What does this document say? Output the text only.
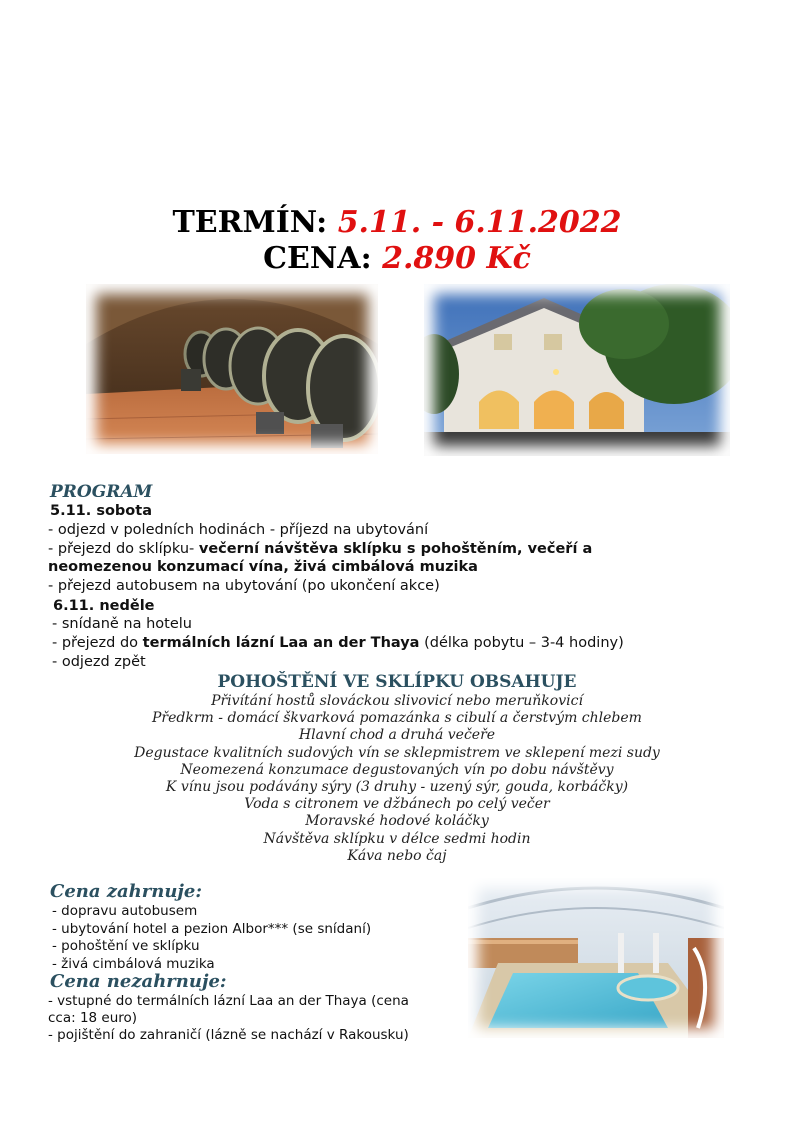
TERMÍN: 5.11. - 6.11.2022
CENA: 2.890 Kč
PROGRAM
5.11. sobota
- odjezd v poledních hodinách - příjezd na ubytování
- přejezd do sklípku- večerní návštěva sklípku s pohoštěním, večeří a
neomezenou konzumací vína, živá cimbálová muzika
- přejezd autobusem na ubytování (po ukončení akce)
6.11. neděle
- snídaně na hotelu
- přejezd do termálních lázní Laa an der Thaya (délka pobytu – 3-4 hodiny)
- odjezd zpět
POHOŠTĚNÍ VE SKLÍPKU OBSAHUJE
Přivítání hostů slováckou slivovicí nebo meruňkovicí
Předkrm - domácí škvarková pomazánka s cibulí a čerstvým chlebem
Hlavní chod a druhá večeře
Degustace kvalitních sudových vín se sklepmistrem ve sklepení mezi sudy
Neomezená konzumace degustovaných vín po dobu návštěvy
K vínu jsou podávány sýry (3 druhy - uzený sýr, gouda, korbáčky)
Voda s citronem ve džbánech po celý večer
Moravské hodové koláčky
Návštěva sklípku v délce sedmi hodin
Káva nebo čaj
Cena zahrnuje:
- dopravu autobusem
- ubytování hotel a pezion Albor*** (se snídaní)
- pohoštění ve sklípku
- živá cimbálová muzika
Cena nezahrnuje:
- vstupné do termálních lázní Laa an der Thaya (cena
cca: 18 euro)
- pojištění do zahraničí (lázně se nachází v Rakousku)
